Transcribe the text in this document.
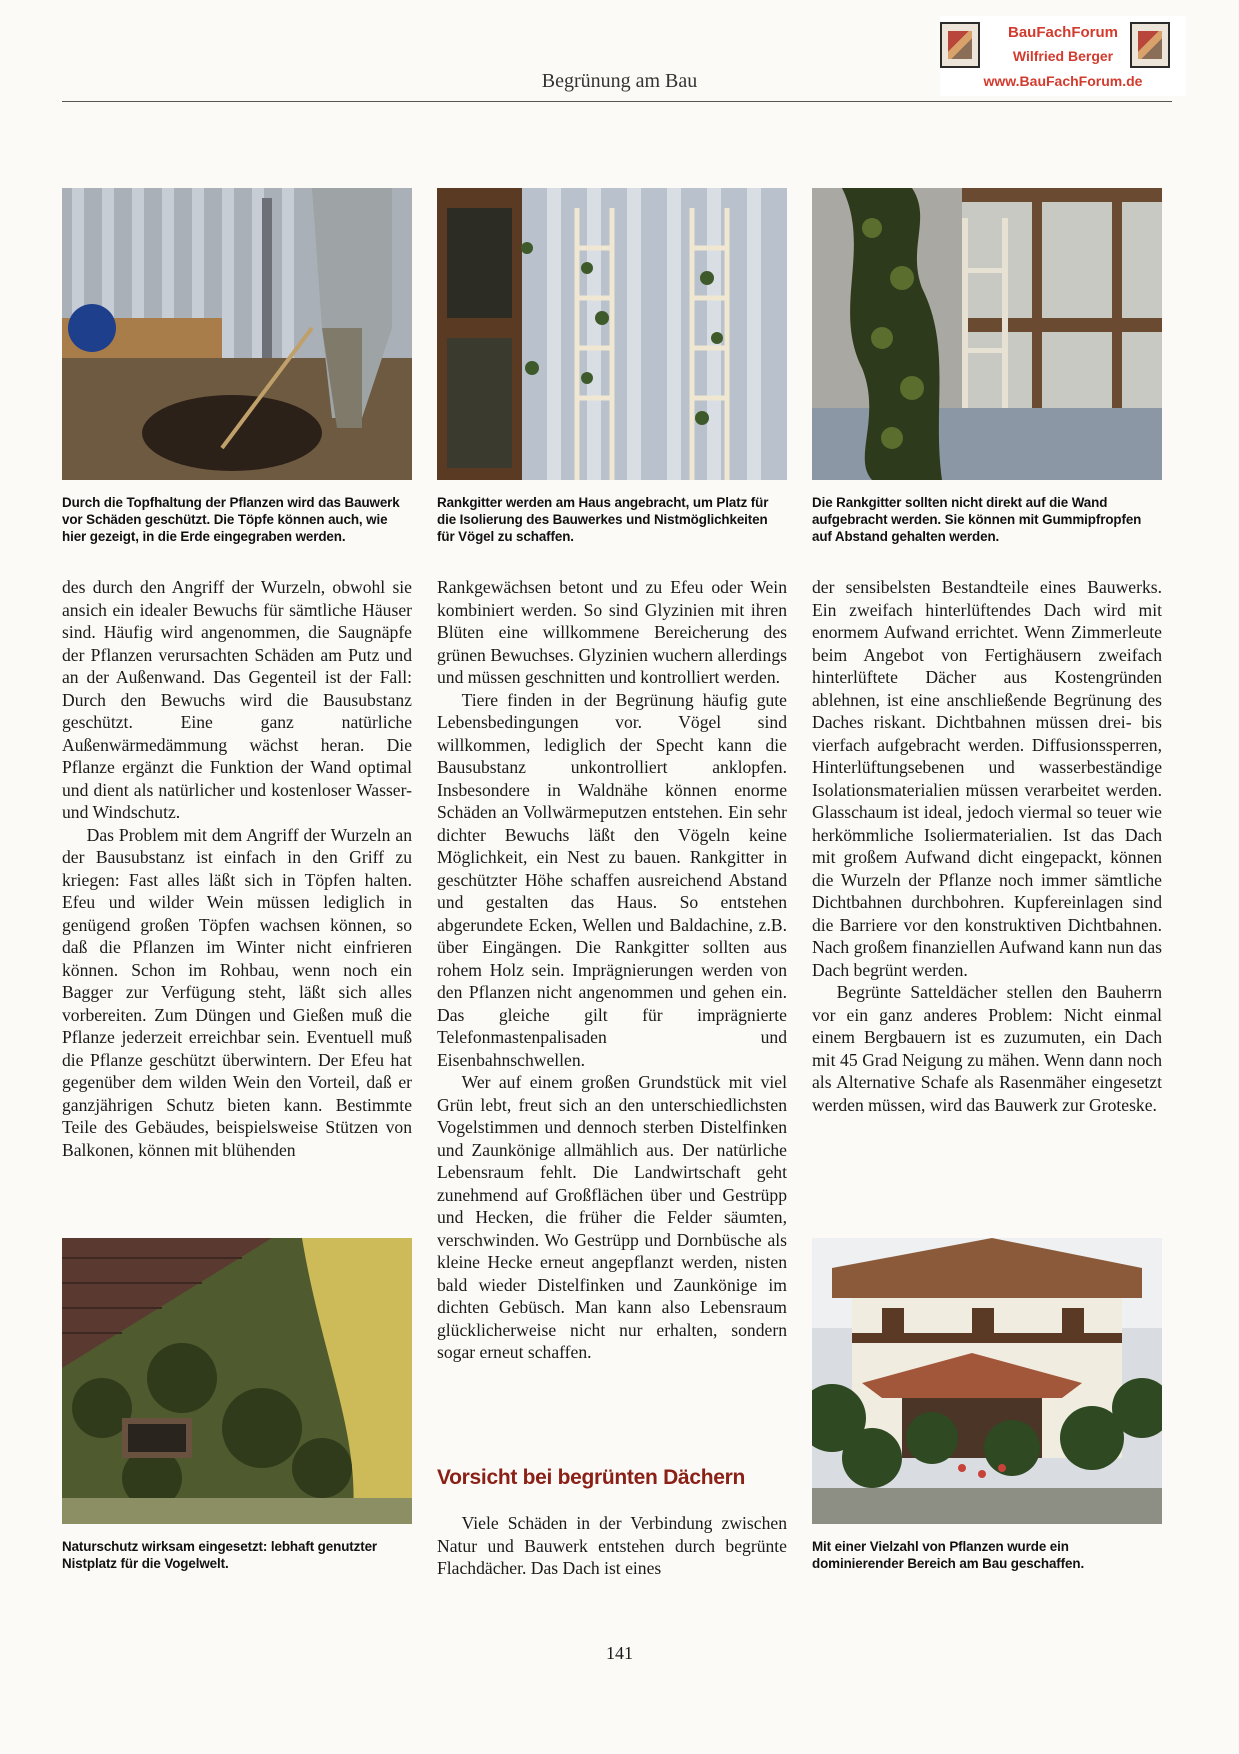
Begrünung am Bau
BauFachForum
Wilfried Berger
www.BauFachForum.de
Durch die Topfhaltung der Pflanzen wird das Bauwerk vor Schäden geschützt. Die Töpfe können auch, wie hier gezeigt, in die Erde eingegraben werden.
Rankgitter werden am Haus angebracht, um Platz für die Isolierung des Bauwerkes und Nistmöglichkeiten für Vögel zu schaffen.
Die Rankgitter sollten nicht direkt auf die Wand aufgebracht werden. Sie können mit Gummipfropfen auf Abstand gehalten werden.

des durch den Angriff der Wurzeln, obwohl sie ansich ein idealer Bewuchs für sämtliche Häuser sind. Häufig wird angenommen, die Saugnäpfe der Pflanzen verursachten Schäden am Putz und an der Außenwand. Das Gegenteil ist der Fall: Durch den Bewuchs wird die Bausubstanz geschützt. Eine ganz natürliche Außenwärmedämmung wächst heran. Die Pflanze ergänzt die Funktion der Wand optimal und dient als natürlicher und kostenloser Wasser- und Windschutz.

Das Problem mit dem Angriff der Wurzeln an der Bausubstanz ist einfach in den Griff zu kriegen: Fast alles läßt sich in Töpfen halten. Efeu und wilder Wein müssen lediglich in genügend großen Töpfen wachsen können, so daß die Pflanzen im Winter nicht einfrieren können. Schon im Rohbau, wenn noch ein Bagger zur Verfügung steht, läßt sich alles vorbereiten. Zum Düngen und Gießen muß die Pflanze jederzeit erreichbar sein. Eventuell muß die Pflanze geschützt überwintern. Der Efeu hat gegenüber dem wilden Wein den Vorteil, daß er ganzjährigen Schutz bieten kann. Bestimmte Teile des Gebäudes, beispielsweise Stützen von Balkonen, können mit blühenden

Rankgewächsen betont und zu Efeu oder Wein kombiniert werden. So sind Glyzinien mit ihren Blüten eine willkommene Bereicherung des grünen Bewuchses. Glyzinien wuchern allerdings und müssen geschnitten und kontrolliert werden.

Tiere finden in der Begrünung häufig gute Lebensbedingungen vor. Vögel sind willkommen, lediglich der Specht kann die Bausubstanz unkontrolliert anklopfen. Insbesondere in Waldnähe können enorme Schäden an Vollwärmeputzen entstehen. Ein sehr dichter Bewuchs läßt den Vögeln keine Möglichkeit, ein Nest zu bauen. Rankgitter in geschützter Höhe schaffen ausreichend Abstand und gestalten das Haus. So entstehen abgerundete Ecken, Wellen und Baldachine, z.B. über Eingängen. Die Rankgitter sollten aus rohem Holz sein. Imprägnierungen werden von den Pflanzen nicht angenommen und gehen ein. Das gleiche gilt für imprägnierte Telefonmastenpalisaden und Eisenbahnschwellen.

Wer auf einem großen Grundstück mit viel Grün lebt, freut sich an den unterschiedlichsten Vogelstimmen und dennoch sterben Distelfinken und Zaunkönige allmählich aus. Der natürliche Lebensraum fehlt. Die Landwirtschaft geht zunehmend auf Großflächen über und Gestrüpp und Hecken, die früher die Felder säumten, verschwinden. Wo Gestrüpp und Dornbüsche als kleine Hecke erneut angepflanzt werden, nisten bald wieder Distelfinken und Zaunkönige im dichten Gebüsch. Man kann also Lebensraum glücklicherweise nicht nur erhalten, sondern sogar erneut schaffen.

Vorsicht bei begrünten Dächern

Viele Schäden in der Verbindung zwischen Natur und Bauwerk entstehen durch begrünte Flachdächer. Das Dach ist eines

der sensibelsten Bestandteile eines Bauwerks. Ein zweifach hinterlüftendes Dach wird mit enormem Aufwand errichtet. Wenn Zimmerleute beim Angebot von Fertighäusern zweifach hinterlüftete Dächer aus Kostengründen ablehnen, ist eine anschließende Begrünung des Daches riskant. Dichtbahnen müssen drei- bis vierfach aufgebracht werden. Diffusionssperren, Hinterlüftungsebenen und wasserbeständige Isolationsmaterialien müssen verarbeitet werden. Glasschaum ist ideal, jedoch viermal so teuer wie herkömmliche Isoliermaterialien. Ist das Dach mit großem Aufwand dicht eingepackt, können die Wurzeln der Pflanze noch immer sämtliche Dichtbahnen durchbohren. Kupfereinlagen sind die Barriere vor den konstruktiven Dichtbahnen. Nach großem finanziellen Aufwand kann nun das Dach begrünt werden.

Begrünte Satteldächer stellen den Bauherrn vor ein ganz anderes Problem: Nicht einmal einem Bergbauern ist es zuzumuten, ein Dach mit 45 Grad Neigung zu mähen. Wenn dann noch als Alternative Schafe als Rasenmäher eingesetzt werden müssen, wird das Bauwerk zur Groteske.

Naturschutz wirksam eingesetzt: lebhaft genutzter Nistplatz für die Vogelwelt.
Mit einer Vielzahl von Pflanzen wurde ein dominierender Bereich am Bau geschaffen.
141
